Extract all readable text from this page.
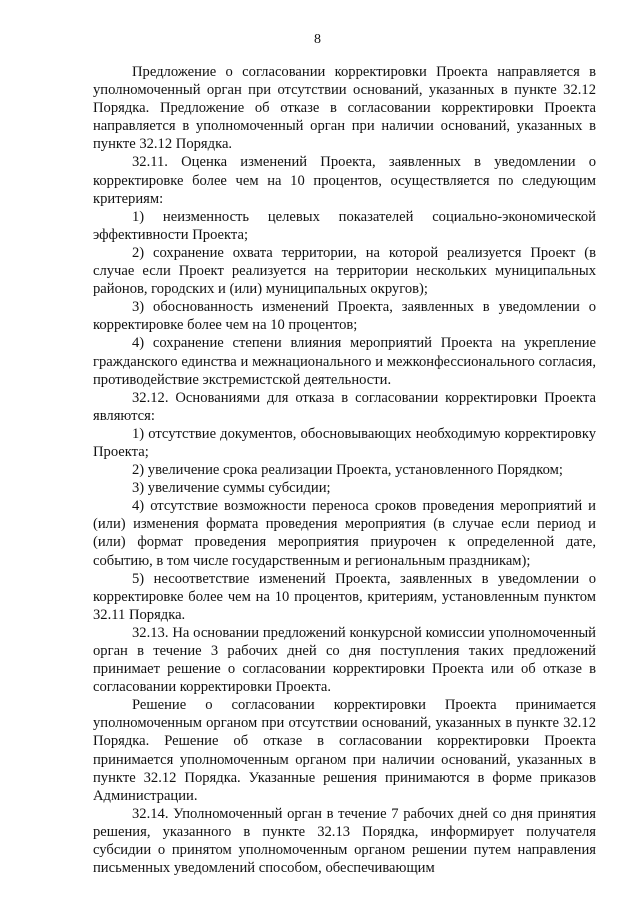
8

Предложение о согласовании корректировки Проекта направляется в уполномоченный орган при отсутствии оснований, указанных в пункте 32.12 Порядка. Предложение об отказе в согласовании корректировки Проекта направляется в уполномоченный орган при наличии оснований, указанных в пункте 32.12 Порядка.

32.11. Оценка изменений Проекта, заявленных в уведомлении о корректировке более чем на 10 процентов, осуществляется по следующим критериям:

1) неизменность целевых показателей социально-экономической эффективности Проекта;

2) сохранение охвата территории, на которой реализуется Проект (в случае если Проект реализуется на территории нескольких муниципальных районов, городских и (или) муниципальных округов);

3) обоснованность изменений Проекта, заявленных в уведомлении о корректировке более чем на 10 процентов;

4) сохранение степени влияния мероприятий Проекта на укрепление гражданского единства и межнационального и межконфессионального согласия, противодействие экстремистской деятельности.

32.12. Основаниями для отказа в согласовании корректировки Проекта являются:

1) отсутствие документов, обосновывающих необходимую корректировку Проекта;

2) увеличение срока реализации Проекта, установленного Порядком;

3) увеличение суммы субсидии;

4) отсутствие возможности переноса сроков проведения мероприятий и (или) изменения формата проведения мероприятия (в случае если период и (или) формат проведения мероприятия приурочен к определенной дате, событию, в том числе государственным и региональным праздникам);

5) несоответствие изменений Проекта, заявленных в уведомлении о корректировке более чем на 10 процентов, критериям, установленным пунктом 32.11 Порядка.

32.13. На основании предложений конкурсной комиссии уполномоченный орган в течение 3 рабочих дней со дня поступления таких предложений принимает решение о согласовании корректировки Проекта или об отказе в согласовании корректировки Проекта.

Решение о согласовании корректировки Проекта принимается уполномоченным органом при отсутствии оснований, указанных в пункте 32.12 Порядка. Решение об отказе в согласовании корректировки Проекта принимается уполномоченным органом при наличии оснований, указанных в пункте 32.12 Порядка. Указанные решения принимаются в форме приказов Администрации.

32.14. Уполномоченный орган в течение 7 рабочих дней со дня принятия решения, указанного в пункте 32.13 Порядка, информирует получателя субсидии о принятом уполномоченным органом решении путем направления письменных уведомлений способом, обеспечивающим
